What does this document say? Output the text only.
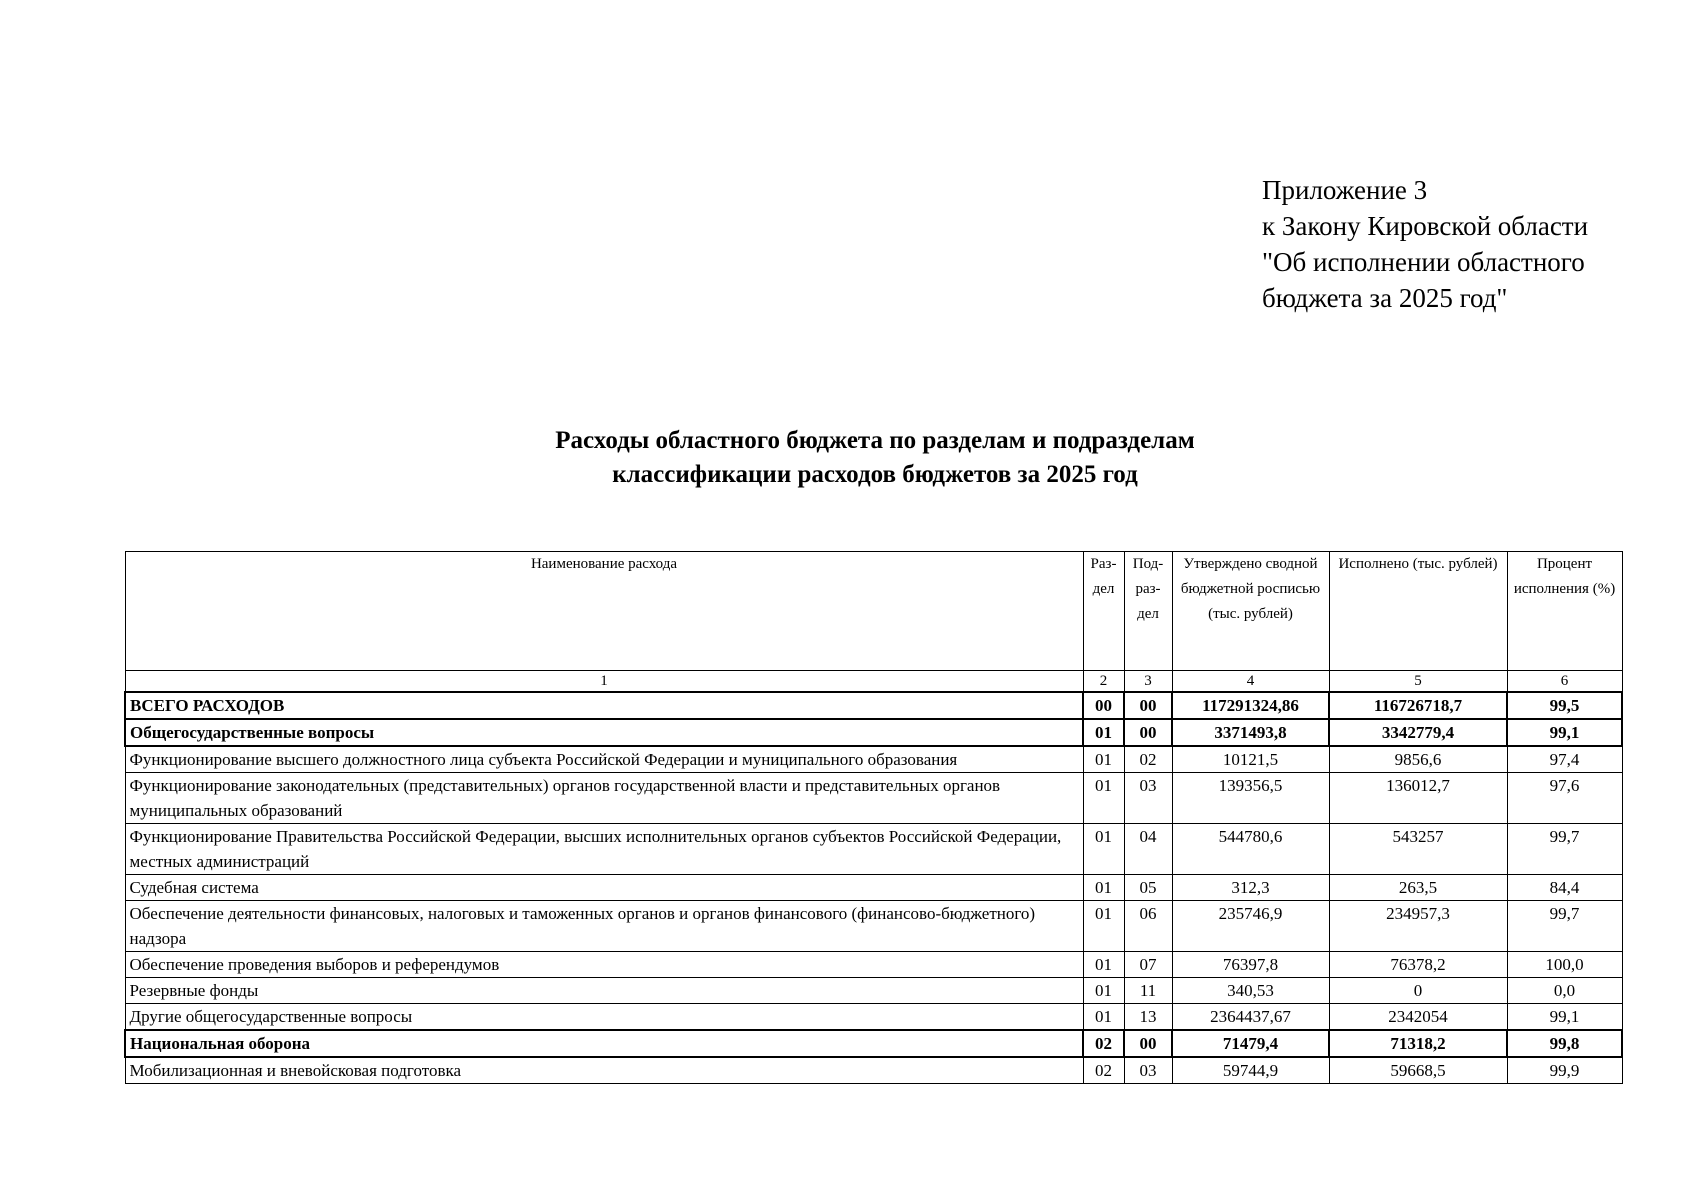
Приложение 3
к Закону Кировской области
"Об исполнении областного
бюджета за 2025 год"
Расходы областного бюджета по разделам и подразделам
классификации расходов бюджетов за 2025 год
Наименование расхода	Раз-дел	Под-раз-дел	Утверждено сводной бюджетной росписью (тыс. рублей)	Исполнено (тыс. рублей)	Процент исполнения (%)
1	2	3	4	5	6
ВСЕГО РАСХОДОВ	00	00	117291324,86	116726718,7	99,5
Общегосударственные вопросы	01	00	3371493,8	3342779,4	99,1
Функционирование высшего должностного лица субъекта Российской Федерации и муниципального образования	01	02	10121,5	9856,6	97,4
Функционирование законодательных (представительных) органов государственной власти и представительных органов муниципальных образований	01	03	139356,5	136012,7	97,6
Функционирование Правительства Российской Федерации, высших исполнительных органов субъектов Российской Федерации, местных администраций	01	04	544780,6	543257	99,7
Судебная система	01	05	312,3	263,5	84,4
Обеспечение деятельности финансовых, налоговых и таможенных органов и органов финансового (финансово-бюджетного) надзора	01	06	235746,9	234957,3	99,7
Обеспечение проведения выборов и референдумов	01	07	76397,8	76378,2	100,0
Резервные фонды	01	11	340,53	0	0,0
Другие общегосударственные вопросы	01	13	2364437,67	2342054	99,1
Национальная оборона	02	00	71479,4	71318,2	99,8
Мобилизационная и вневойсковая подготовка	02	03	59744,9	59668,5	99,9
